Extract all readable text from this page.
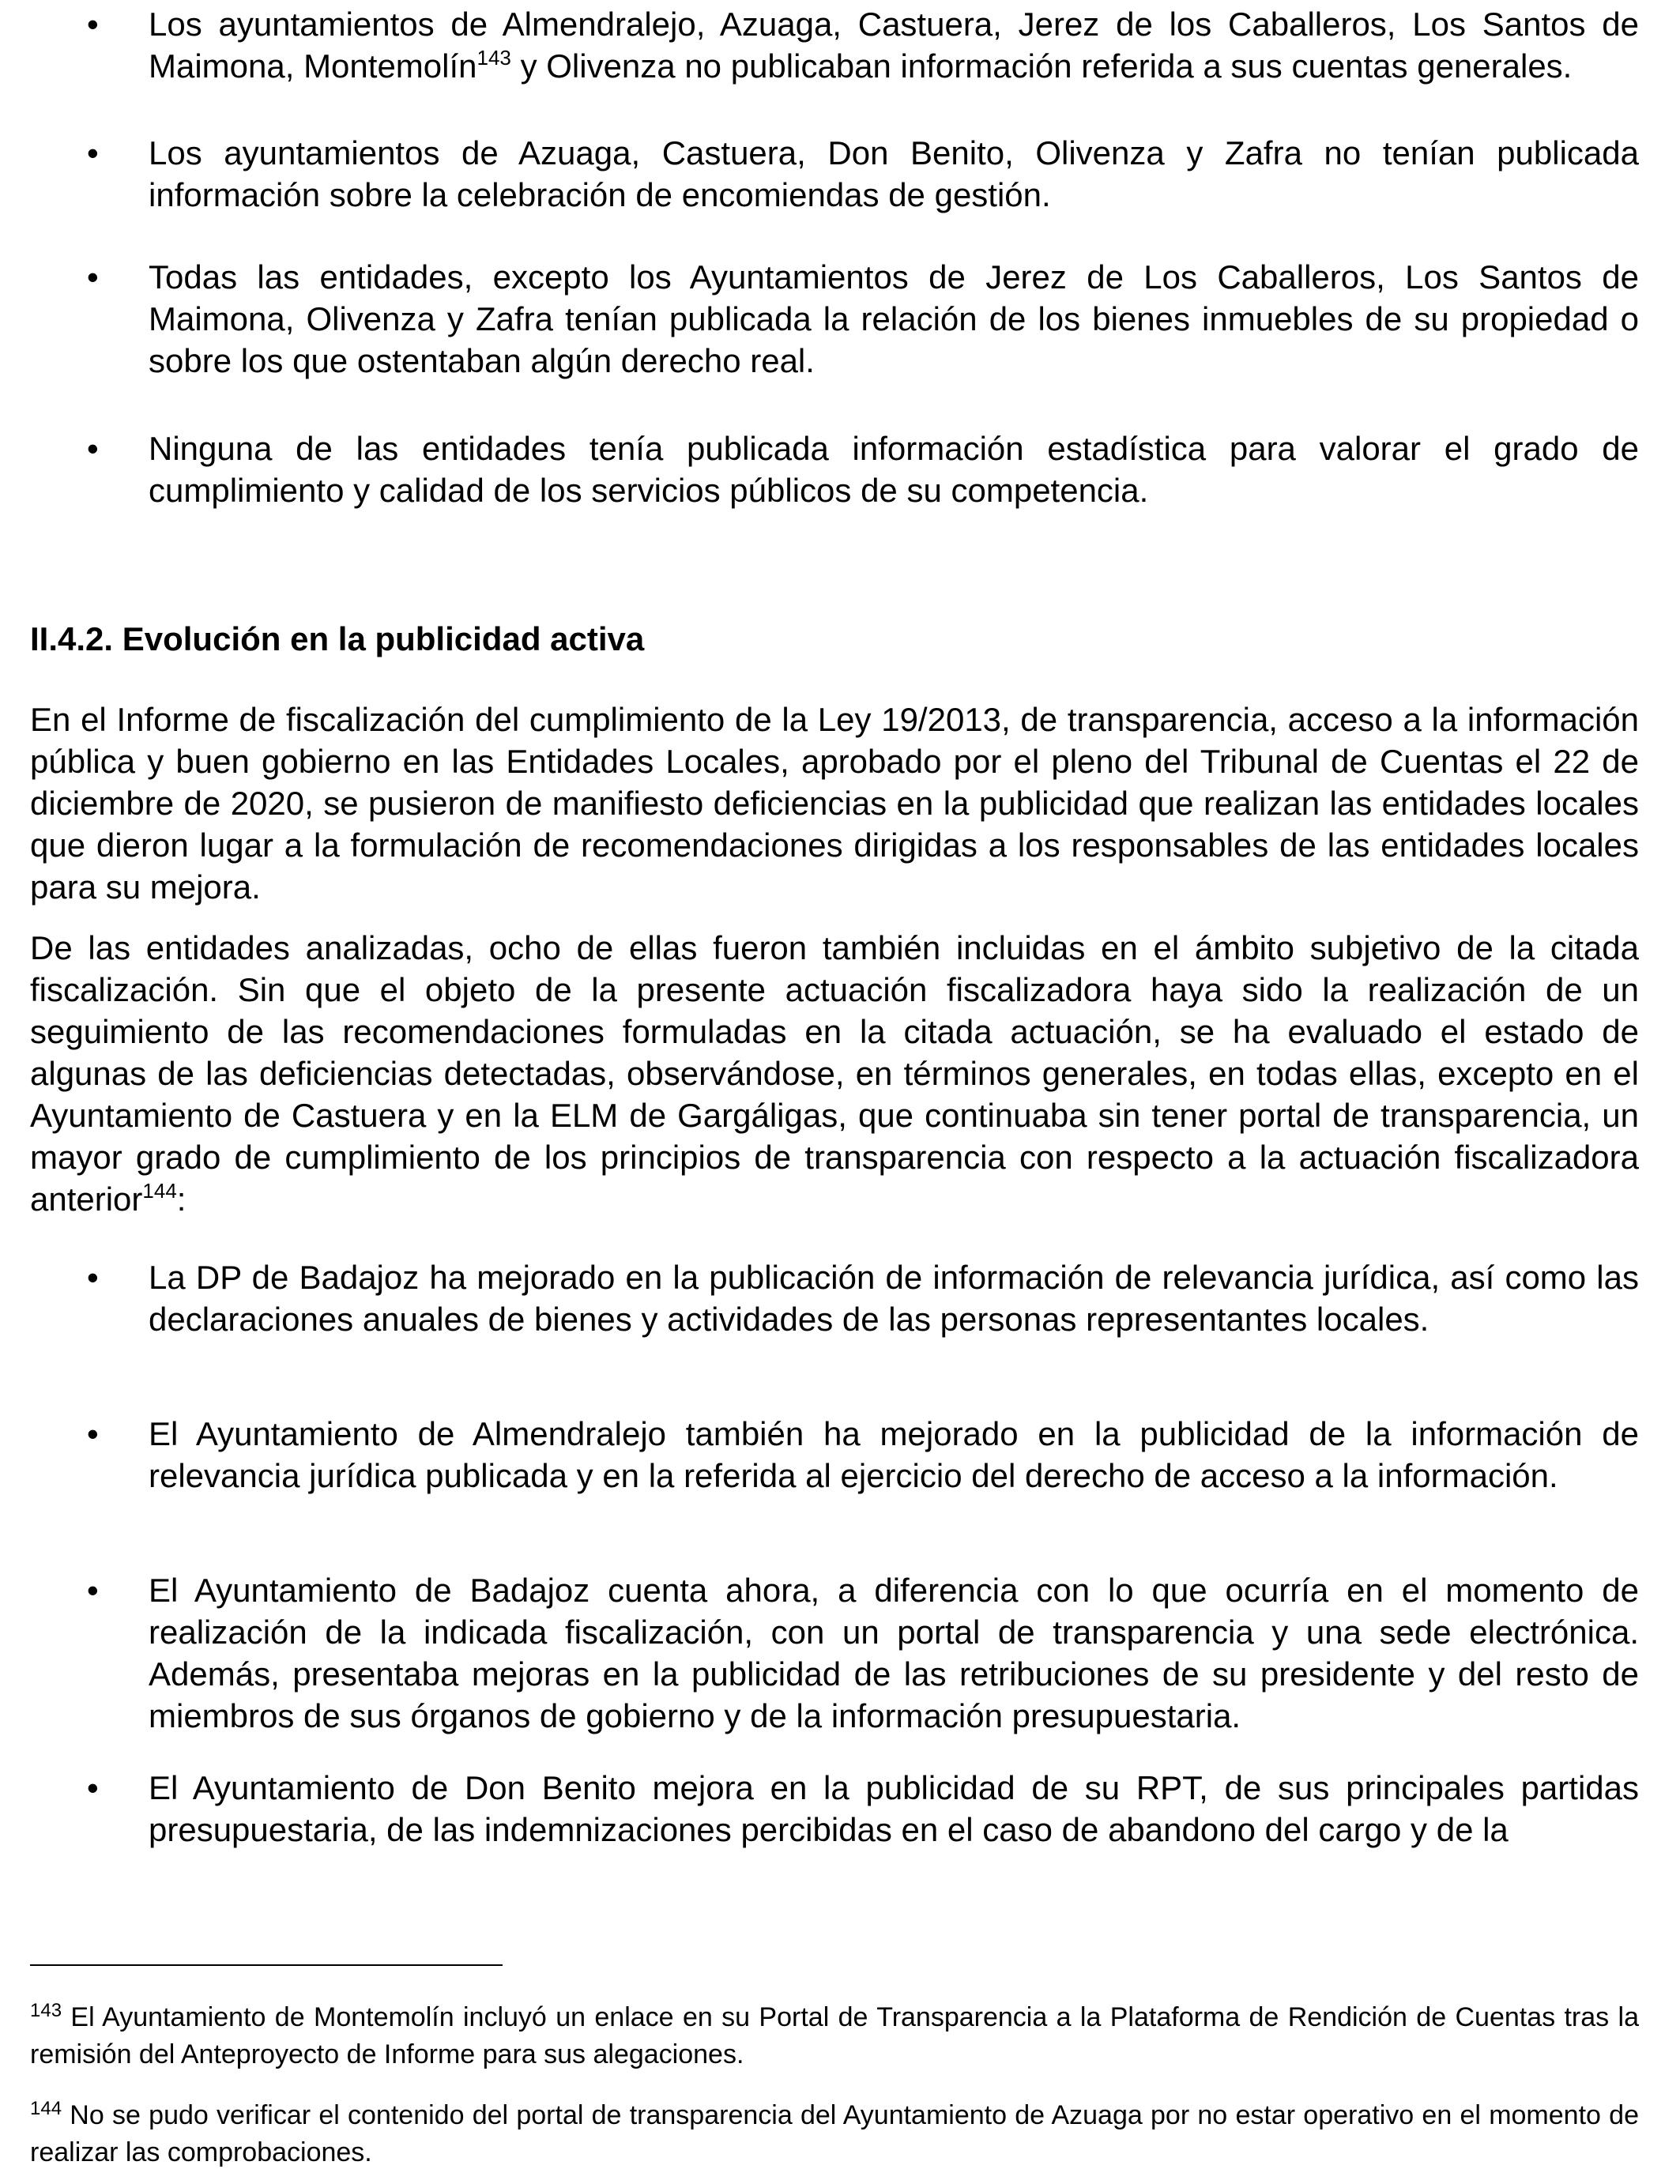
• Los ayuntamientos de Almendralejo, Azuaga, Castuera, Jerez de los Caballeros, Los Santos de Maimona, Montemolín$^{143}$ y Olivenza no publicaban información referida a sus cuentas generales.
• Los ayuntamientos de Azuaga, Castuera, Don Benito, Olivenza y Zafra no tenían publicada información sobre la celebración de encomiendas de gestión.
• Todas las entidades, excepto los Ayuntamientos de Jerez de Los Caballeros, Los Santos de Maimona, Olivenza y Zafra tenían publicada la relación de los bienes inmuebles de su propiedad o sobre los que ostentaban algún derecho real.
• Ninguna de las entidades tenía publicada información estadística para valorar el grado de cumplimiento y calidad de los servicios públicos de su competencia.
II.4.2. Evolución en la publicidad activa

En el Informe de fiscalización del cumplimiento de la Ley 19/2013, de transparencia, acceso a la información pública y buen gobierno en las Entidades Locales, aprobado por el pleno del Tribunal de Cuentas el 22 de diciembre de 2020, se pusieron de manifiesto deficiencias en la publicidad que realizan las entidades locales que dieron lugar a la formulación de recomendaciones dirigidas a los responsables de las entidades locales para su mejora.

De las entidades analizadas, ocho de ellas fueron también incluidas en el ámbito subjetivo de la citada fiscalización. Sin que el objeto de la presente actuación fiscalizadora haya sido la realización de un seguimiento de las recomendaciones formuladas en la citada actuación, se ha evaluado el estado de algunas de las deficiencias detectadas, observándose, en términos generales, en todas ellas, excepto en el Ayuntamiento de Castuera y en la ELM de Gargáligas, que continuaba sin tener portal de transparencia, un mayor grado de cumplimiento de los principios de transparencia con respecto a la actuación fiscalizadora anterior$^{144}$:

• La DP de Badajoz ha mejorado en la publicación de información de relevancia jurídica, así como las declaraciones anuales de bienes y actividades de las personas representantes locales.
• El Ayuntamiento de Almendralejo también ha mejorado en la publicidad de la información de relevancia jurídica publicada y en la referida al ejercicio del derecho de acceso a la información.
• El Ayuntamiento de Badajoz cuenta ahora, a diferencia con lo que ocurría en el momento de realización de la indicada fiscalización, con un portal de transparencia y una sede electrónica. Además, presentaba mejoras en la publicidad de las retribuciones de su presidente y del resto de miembros de sus órganos de gobierno y de la información presupuestaria.
• El Ayuntamiento de Don Benito mejora en la publicidad de su RPT, de sus principales partidas presupuestaria, de las indemnizaciones percibidas en el caso de abandono del cargo y de la

$^{143}$ El Ayuntamiento de Montemolín incluyó un enlace en su Portal de Transparencia a la Plataforma de Rendición de Cuentas tras la remisión del Anteproyecto de Informe para sus alegaciones.

$^{144}$ No se pudo verificar el contenido del portal de transparencia del Ayuntamiento de Azuaga por no estar operativo en el momento de realizar las comprobaciones.
